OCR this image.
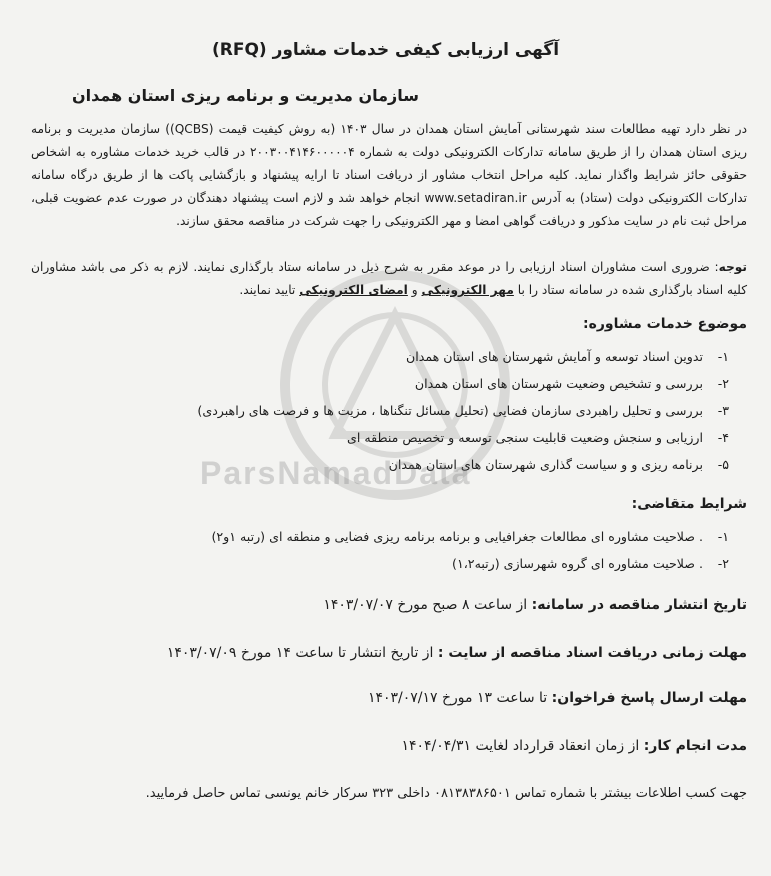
آگهی ارزیابی کیفی خدمات مشاور (RFQ)
سازمان مدیریت و برنامه ریزی استان همدان
در نظر دارد تهیه مطالعات سند شهرستانی آمایش استان همدان در سال ۱۴۰۳ (به روش کیفیت قیمت (QCBS)) سازمان مدیریت و برنامه ریزی استان همدان را از طریق سامانه تدارکات الکترونیکی دولت به شماره ۲۰۰۳۰۰۴۱۴۶۰۰۰۰۰۴ در قالب خرید خدمات مشاوره به اشخاص حقوقی حائز شرایط واگذار نماید. کلیه مراحل انتخاب مشاور از دریافت اسناد تا ارایه پیشنهاد و بازگشایی پاکت ها از طریق درگاه سامانه تدارکات الکترونیکی دولت (ستاد) به آدرس www.setadiran.ir انجام خواهد شد و لازم است پیشنهاد دهندگان در صورت عدم عضویت قبلی، مراحل ثبت نام در سایت مذکور و دریافت گواهی امضا و مهر الکترونیکی را جهت شرکت در مناقصه محقق سازند.
توجه: ضروری است مشاوران اسناد ارزیابی را در موعد مقرر به شرح ذیل در سامانه ستاد بارگذاری نمایند. لازم به ذکر می باشد مشاوران کلیه اسناد بارگذاری شده در سامانه ستاد را با مهر الکترونیکی و امضای الکترونیکی تایید نمایند.
موضوع خدمات مشاوره:
۱-تدوین اسناد توسعه و آمایش شهرستان های استان همدان
۲-بررسی و تشخیص وضعیت شهرستان های استان همدان
۳-بررسی و تحلیل راهبردی سازمان فضایی (تحلیل مسائل تنگناها ، مزیت ها و فرصت های راهبردی)
۴-ارزیابی و سنجش وضعیت قابلیت سنجی توسعه و تخصیص منطقه ای
۵-برنامه ریزی و و سیاست گذاری شهرستان های استان همدان
ParsNamadData
شرایط متقاضی:
۱-. صلاحیت مشاوره ای مطالعات جغرافیایی و برنامه برنامه ریزی فضایی و منطقه ای (رتبه ۱و۲)
۲-. صلاحیت مشاوره ای گروه شهرسازی (رتبه۱،۲)
تاریخ انتشار مناقصه در سامانه: از ساعت ۸ صبح مورخ ۱۴۰۳/۰۷/۰۷
مهلت زمانی دریافت اسناد مناقصه از سایت : از تاریخ انتشار تا ساعت ۱۴ مورخ ۱۴۰۳/۰۷/۰۹
مهلت ارسال پاسخ فراخوان: تا ساعت ۱۳ مورخ ۱۴۰۳/۰۷/۱۷
مدت انجام کار: از زمان انعقاد قرارداد لغایت ۱۴۰۴/۰۴/۳۱
جهت کسب اطلاعات بیشتر با شماره تماس ۰۸۱۳۸۳۸۶۵۰۱ داخلی ۳۲۳ سرکار خانم یونسی تماس حاصل فرمایید.
